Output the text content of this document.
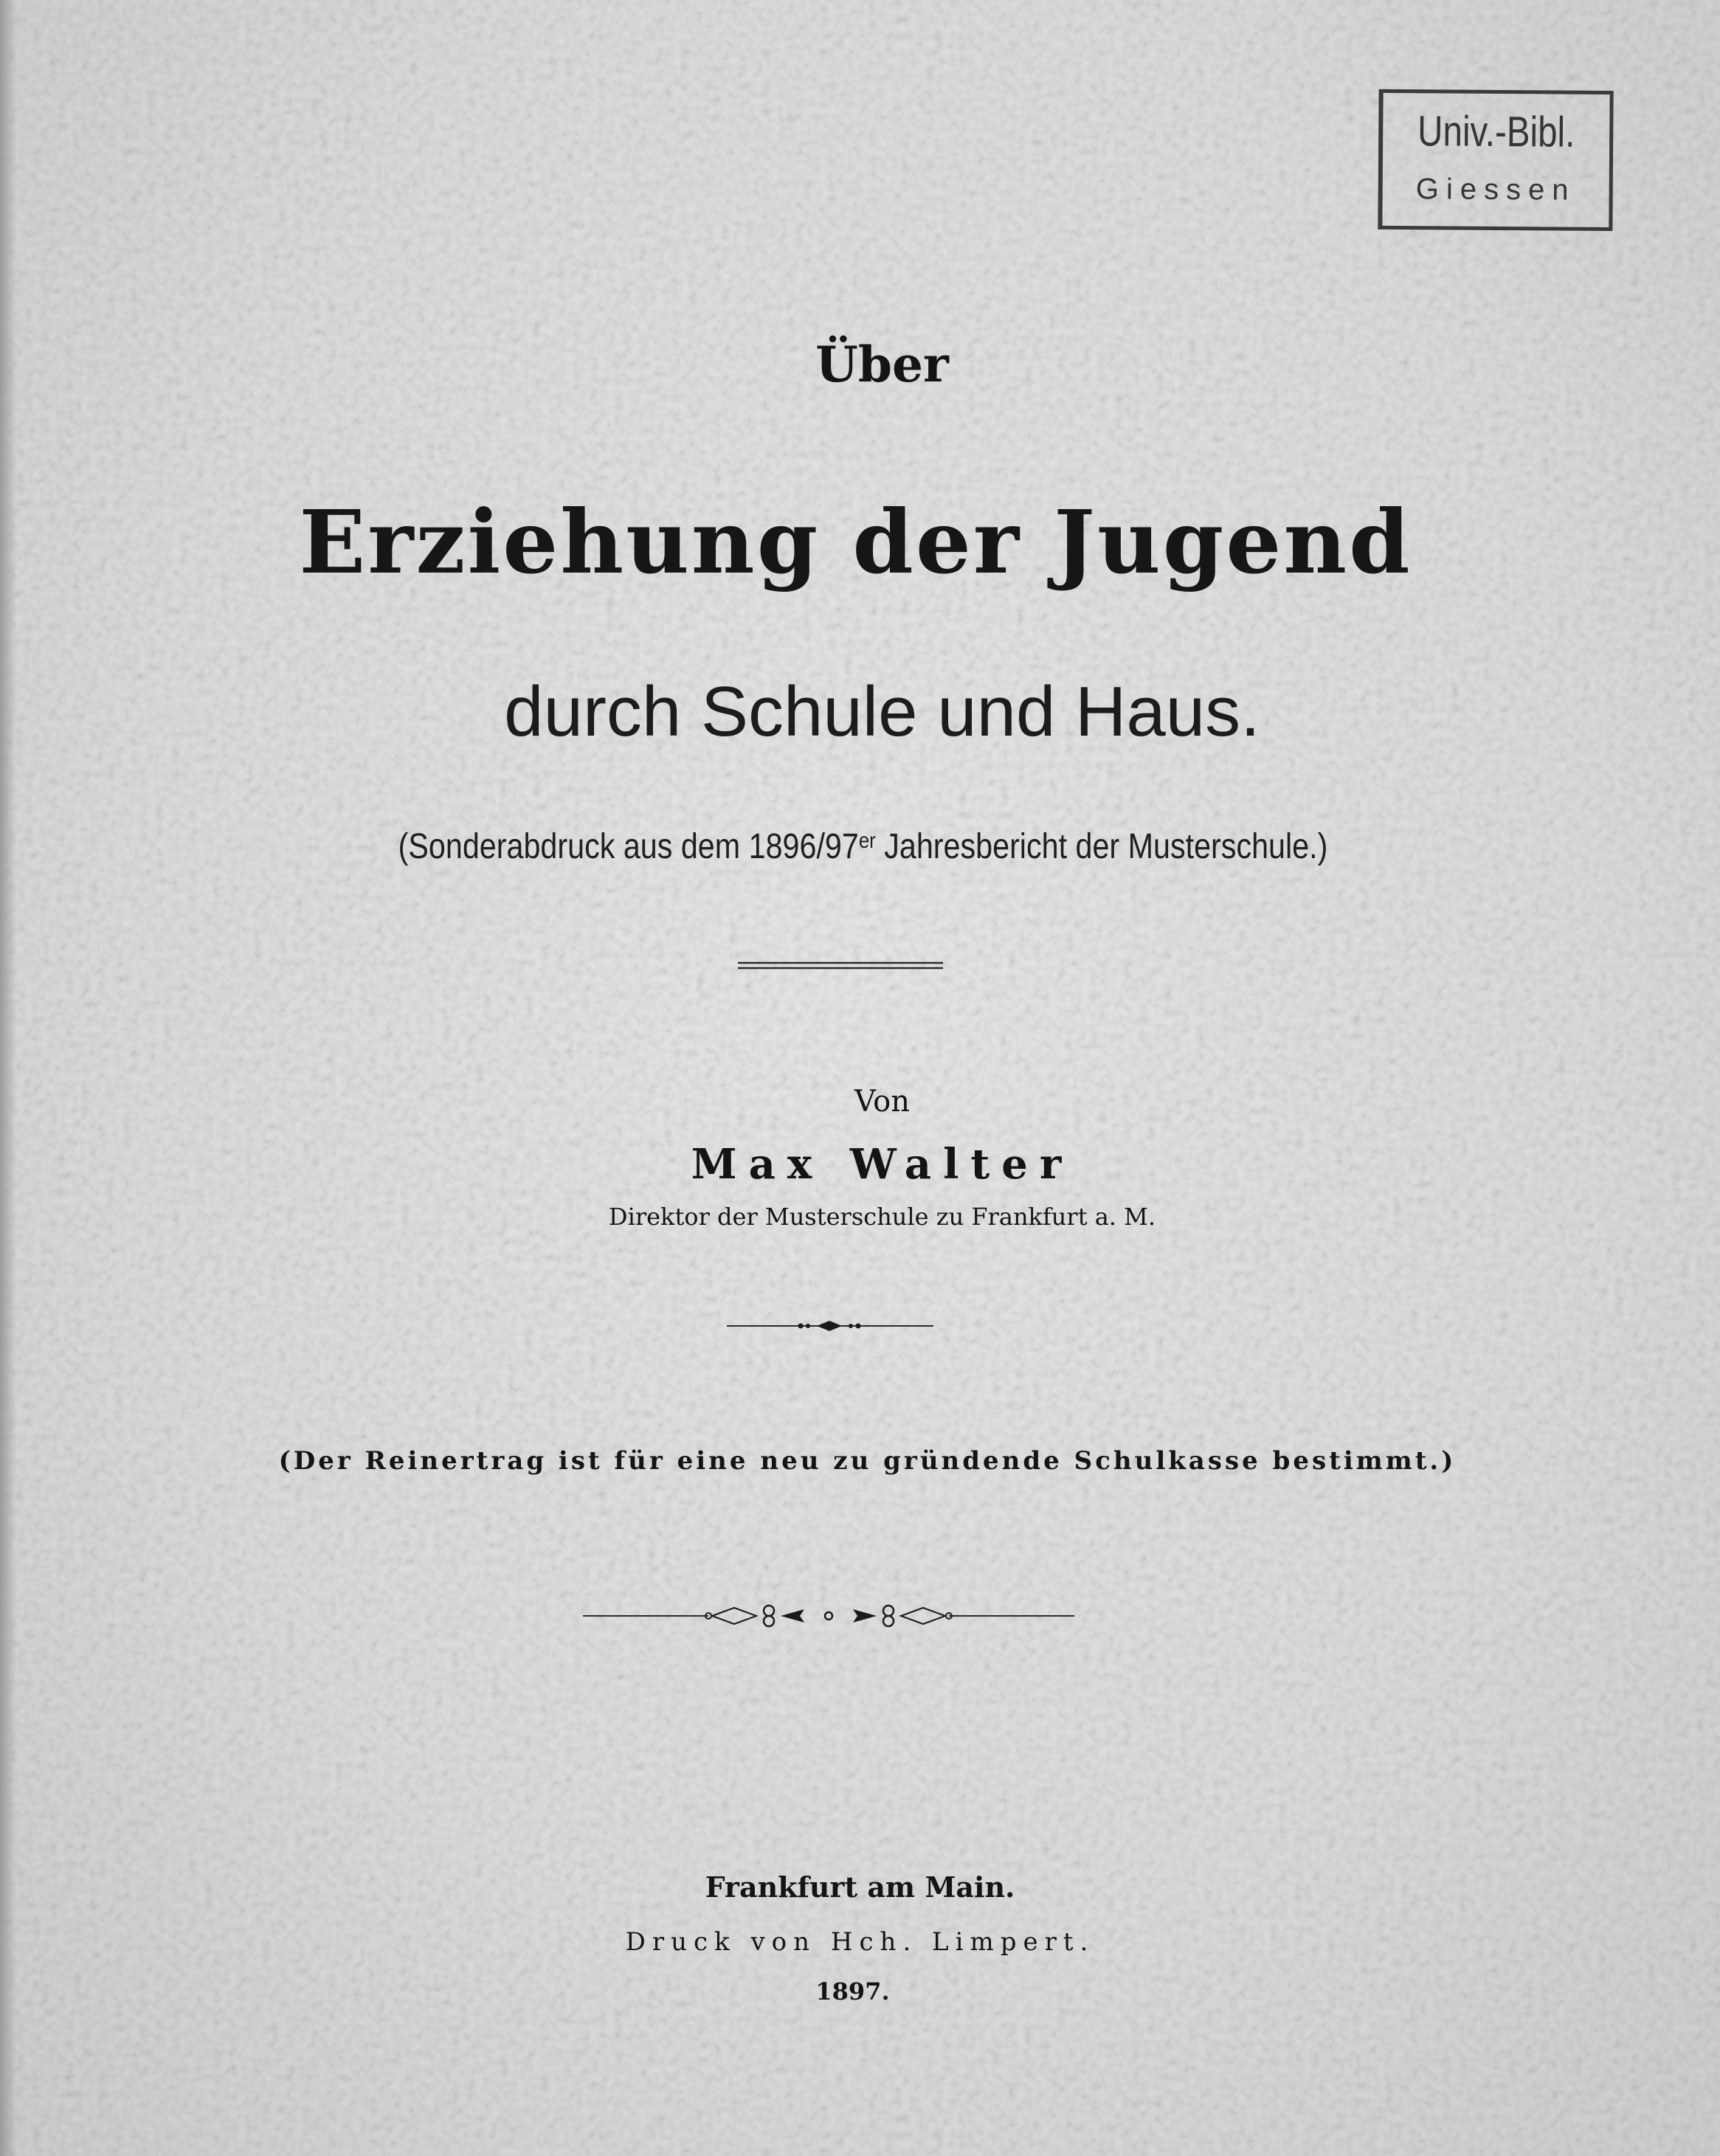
Univ.-Bibl.
Giessen
Über
Erziehung der Jugend
durch Schule und Haus.
(Sonderabdruck aus dem 1896/97er Jahresbericht der Musterschule.)
Von
Max Walter
Direktor der Musterschule zu Frankfurt a. M.
(Der Reinertrag ist für eine neu zu gründende Schulkasse bestimmt.)
Frankfurt am Main.
Druck von Hch. Limpert.
1897.
